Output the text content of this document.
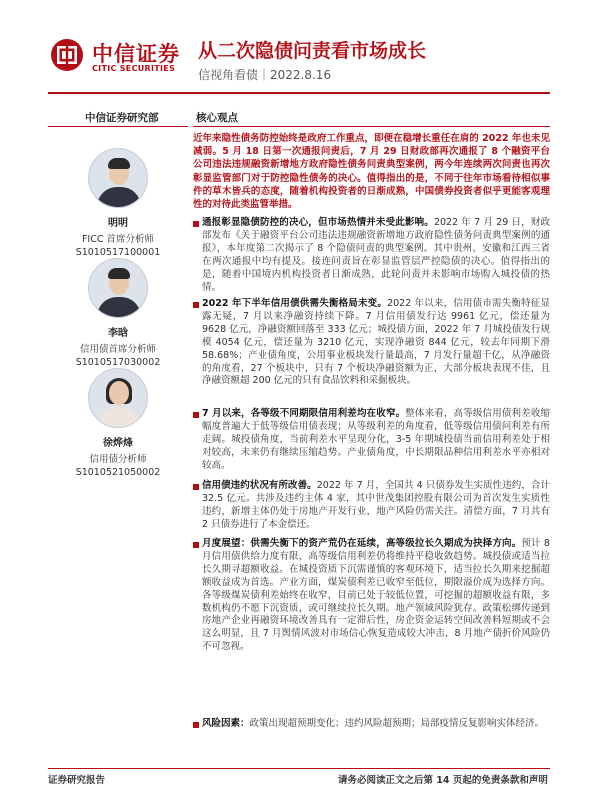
中信证券
CITIC SECURITIES
从二次隐债问责看市场成长
信视角看债｜2022.8.16
中信证券研究部	核心观点
明明
FICC 首席分析师
S1010517100001
李晗
信用债首席分析师
S1010517030002
徐烨烽
信用债分析师
S1010521050002
近年来隐性债务防控始终是政府工作重点，即便在稳增长重任在肩的 2022 年也未见减弱。5 月 18 日第一次通报问责后，7 月 29 日财政部再次通报了 8 个融资平台公司违法违规融资新增地方政府隐性债务问责典型案例，两今年连续两次问责也再次彰显监管部门对于防控隐性债务的决心。值得指出的是，不同于往年市场看待相似事件的草木皆兵的态度，随着机构投资者的日渐成熟，中国债券投资者似乎更能客观理性的对待此类监管举措。
通报彰显隐债防控的决心，但市场热情并未受此影响。2022 年 7 月 29 日，财政部发布《关于融资平台公司违法违规融资新增地方政府隐性债务问责典型案例的通报》，本年度第二次揭示了 8 个隐债问责的典型案例。其中贵州、安徽和江西三省在两次通报中均有提及。接连问责旨在彰显监管层严控隐债的决心。值得指出的是，随着中国境内机构投资者日渐成熟，此轮问责并未影响市场购入城投债的热情。
2022 年下半年信用债供需失衡格局未变。2022 年以来，信用债市需失衡特征显露无疑，7 月以来净融资持续下降。7 月信用债发行达 9961 亿元，偿还量为 9628 亿元，净融资额回落至 333 亿元；城投债方面，2022 年 7 月城投债发行规模 4054 亿元，偿还量为 3210 亿元，实现净融资 844 亿元，较去年同期下滑 58.68%；产业债角度，公用事业板块发行量最高，7 月发行量超千亿，从净融资的角度看，27 个板块中，只有 7 个板块净融资额为正，大部分板块表现不佳，且净融资额超 200 亿元的只有食品饮料和采掘板块。
7 月以来，各等级不同期限信用利差均在收窄。整体来看，高等级信用债利差收缩幅度普遍大于低等级信用债表现；从等级利差的角度看，低等级信用债问利差有所走阔。城投债角度，当前利差水平呈现分化，3-5 年期城投债当前信用利差处于相对较高，未来仍有继续压缩趋势。产业债角度，中长期限品种信用利差水平亦相对较高。
信用债违约状况有所改善。2022 年 7 月，全国共 4 只债券发生实质性违约，合计 32.5 亿元。共涉及违约主体 4 家，其中世茂集团控股有限公司为首次发生实质性违约，新增主体仍处于房地产开发行业，地产风险仍需关注。清偿方面，7 月共有 2 只债券进行了本金偿还。
月度展望：供需失衡下的资产荒仍在延续，高等级拉长久期成为抉择方向。预计 8 月信用债供给力度有限，高等级信用利差仍将维持平稳收敛趋势。城投债或适当拉长久期寻超额收益。在城投资质下沉需谨慎的客观环境下，适当拉长久期来挖掘超额收益成为首选。产业方面，煤炭债利差已收窄至低位，期限溢价成为选择方向。各等级煤炭债利差始终在收窄，目前已处于较低位置，可挖掘的超额收益有限，多数机构仍不愿下沉资质，或可继续拉长久期。地产领域风险犹存。政策松绑传递到房地产企业再融资环境改善具有一定滞后性，房企资金运转空间改善料短期或不会这么明显，且 7 月舆情风波对市场信心恢复造成较大冲击，8 月地产债折价风险仍不可忽视。
风险因素：政策出现超预期变化；违约风险超预期；局部疫情反复影响实体经济。
证券研究报告	请务必阅读正文之后第 14 页起的免责条款和声明
